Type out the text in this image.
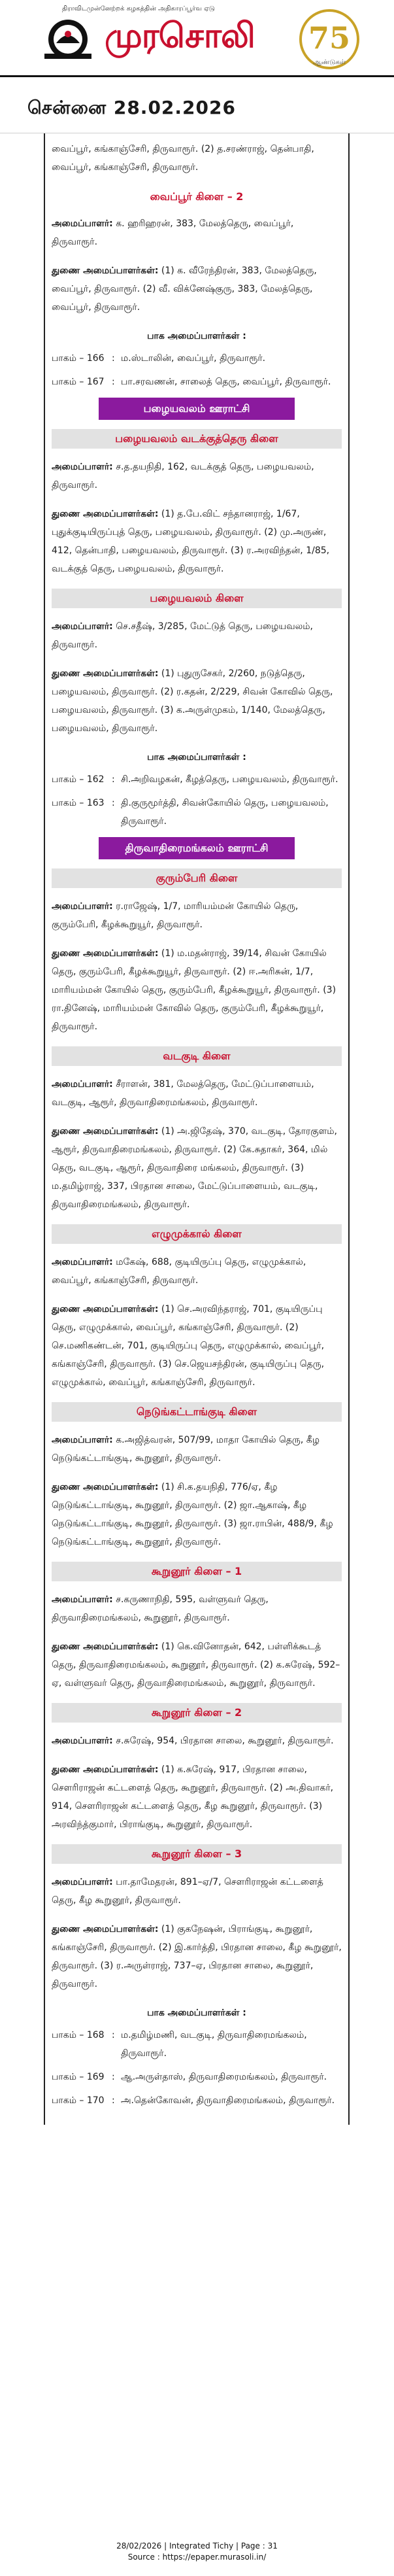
திராவிடமுன்னேற்றக் கழகத்தின் அதிகாரப்பூர்வ ஏடு
முரசொலி 75
ஆண்டுகள்
சென்னை 28.02.2026

வைப்பூர், கங்காஞ்சேரி, திருவாரூர். (2) த.சரண்ராஜ், தென்பாதி, வைப்பூர், கங்காஞ்சேரி, திருவாரூர்.

வைப்பூர் கிளை – 2

அமைப்பாளர்: க. ஹரிஹரன், 383, மேலத்தெரு, வைப்பூர், திருவாரூர்.

துணை அமைப்பாளர்கள்: (1) க. வீரேந்திரன், 383, மேலத்தெரு, வைப்பூர், திருவாரூர். (2) வீ. விக்னேஷ்குரு, 383, மேலத்தெரு, வைப்பூர், திருவாரூர்.

பாக அமைப்பாளர்கள் :
பாகம் – 166 : ம.ஸ்டாலின், வைப்பூர், திருவாரூர்.
பாகம் – 167 : பா.சரவணன், சாலைத் தெரு, வைப்பூர், திருவாரூர்.
பழையவலம் ஊராட்சி
பழையவலம் வடக்குத்தெரு கிளை

அமைப்பாளர்: ச.த.தயநிதி, 162, வடக்குத் தெரு, பழையவலம், திருவாரூர்.

துணை அமைப்பாளர்கள்: (1) த.பே.விட் சந்தானராஜ், 1/67, புதுக்குடியிருப்புத் தெரு, பழையவலம், திருவாரூர். (2) மு.அருண், 412, தென்பாதி, பழையவலம், திருவாரூர். (3) ர.அரவிந்தன், 1/85, வடக்குத் தெரு, பழையவலம், திருவாரூர்.

பழையவலம் கிளை

அமைப்பாளர்: செ.சதீஷ், 3/285, மேட்டுத் தெரு, பழையவலம், திருவாரூர்.

துணை அமைப்பாளர்கள்: (1) புதுருசேகர், 2/260, நடுத்தெரு, பழையவலம், திருவாரூர். (2) ர.கதன், 2/229, சிவன் கோவில் தெரு, பழையவலம், திருவாரூர். (3) க.அருள்முகம், 1/140, மேலத்தெரு, பழையவலம், திருவாரூர்.

பாக அமைப்பாளர்கள் :
பாகம் – 162 : சி.அறிவழகன், கீழத்தெரு, பழையவலம், திருவாரூர்.
பாகம் – 163 : தி.குருமூர்த்தி, சிவன்கோயில் தெரு, பழையவலம், திருவாரூர்.
திருவாதிரைமங்கலம் ஊராட்சி
குரும்பேரி கிளை

அமைப்பாளர்: ர.ராஜேஷ், 1/7, மாரியம்மன் கோயில் தெரு, குரும்பேரி, கீழக்கூறுயூர், திருவாரூர்.

துணை அமைப்பாளர்கள்: (1) ம.மதன்ராஜ், 39/14, சிவன் கோயில் தெரு, குரும்பேரி, கீழக்கூறுயூர், திருவாரூர். (2) ஈ.அரிசுன், 1/7, மாரியம்மன் கோயில் தெரு, குரும்பேரி, கீழக்கூறுயூர், திருவாரூர். (3) ரா.தினேஷ், மாரியம்மன் கோவில் தெரு, குரும்பேரி, கீழக்கூறுயூர், திருவாரூர்.

வடகுடி கிளை

அமைப்பாளர்: சீராளன், 381, மேலத்தெரு, மேட்டுப்பாளையம், வடகுடி, ஆரூர், திருவாதிரைமங்கலம், திருவாரூர்.

துணை அமைப்பாளர்கள்: (1) அ.ஜிதேஷ், 370, வடகுடி, தோரகுளம், ஆரூர், திருவாதிரைமங்கலம், திருவாரூர். (2) கே.சுதாகர், 364, மில் தெரு, வடகுடி, ஆரூர், திருவாதிரை மங்கலம், திருவாரூர். (3) ம.தமிழ்ராஜ், 337, பிரதான சாலை, மேட்டுப்பாளையம், வடகுடி, திருவாதிரைமங்கலம், திருவாரூர்.

எழுமுக்கால் கிளை

அமைப்பாளர்: மகேஷ், 688, குடியிருப்பு தெரு, எழுமுக்கால், வைப்பூர், கங்காஞ்சேரி, திருவாரூர்.

துணை அமைப்பாளர்கள்: (1) செ.அரவிந்தராஜ், 701, குடியிருப்பு தெரு, எழுமுக்கால், வைப்பூர், கங்காஞ்சேரி, திருவாரூர். (2) செ.மணிகண்டன், 701, குடியிருப்பு தெரு, எழுமுக்கால், வைப்பூர், கங்காஞ்சேரி, திருவாரூர். (3) செ.ஜெயசந்திரன், குடியிருப்பு தெரு, எழுமுக்கால், வைப்பூர், கங்காஞ்சேரி, திருவாரூர்.

நெடுங்கட்டாங்குடி கிளை

அமைப்பாளர்: க.அஜித்வரன், 507/99, மாதா கோயில் தெரு, கீழ நெடுங்கட்டாங்குடி, கூறுனூர், திருவாரூர்.

துணை அமைப்பாளர்கள்: (1) சி.க.தயநிதி, 776/ஏ, கீழ நெடுங்கட்டாங்குடி, கூறுனூர், திருவாரூர். (2) ஜா.ஆகாஷ், கீழ நெடுங்கட்டாங்குடி, கூறுனூர், திருவாரூர். (3) ஜா.ராபின், 488/9, கீழ நெடுங்கட்டாங்குடி, கூறுனூர், திருவாரூர்.

கூறுனூர் கிளை – 1

அமைப்பாளர்: ச.கருணாநிதி, 595, வள்ளுவர் தெரு, திருவாதிரைமங்கலம், கூறுனூர், திருவாரூர்.

துணை அமைப்பாளர்கள்: (1) கெ.வினோதன், 642, பள்ளிக்கூடத் தெரு, திருவாதிரைமங்கலம், கூறுனூர், திருவாரூர். (2) க.சுரேஷ், 592–ஏ, வள்ளுவர் தெரு, திருவாதிரைமங்கலம், கூறுனூர், திருவாரூர்.

கூறுனூர் கிளை – 2

அமைப்பாளர்: ச.சுரேஷ், 954, பிரதான சாலை, கூறுனூர், திருவாரூர்.

துணை அமைப்பாளர்கள்: (1) க.சுரேஷ், 917, பிரதான சாலை, சௌரிராஜன் கட்டளைத் தெரு, கூறுனூர், திருவாரூர். (2) அ.திவாகர், 914, சௌரிராஜன் கட்டளைத் தெரு, கீழ கூறுனூர், திருவாரூர். (3) அரவிந்த்குமார், பிராங்குடி, கூறுனூர், திருவாரூர்.

கூறுனூர் கிளை – 3

அமைப்பாளர்: பா.தாமேதரன், 891–ஏ/7, சௌரிராஜன் கட்டளைத் தெரு, கீழ கூறுனூர், திருவாரூர்.

துணை அமைப்பாளர்கள்: (1) குகநேஷன், பிராங்குடி, கூறுனூர், கங்காஞ்சேரி, திருவாரூர். (2) இ.கார்த்தி, பிரதான சாலை, கீழ கூறுனூர், திருவாரூர். (3) ர.அருள்ராஜ், 737–ஏ, பிரதான சாலை, கூறுனூர், திருவாரூர்.

பாக அமைப்பாளர்கள் :
பாகம் – 168 : ம.தமிழ்மணி, வடகுடி, திருவாதிரைமங்கலம், திருவாரூர்.
பாகம் – 169 : ஆ.அருள்தாஸ், திருவாதிரைமங்கலம், திருவாரூர்.
பாகம் – 170 : அ.தென்கோவன், திருவாதிரைமங்கலம், திருவாரூர்.
28/02/2026 | Integrated Tichy | Page : 31
Source : https://epaper.murasoli.in/
